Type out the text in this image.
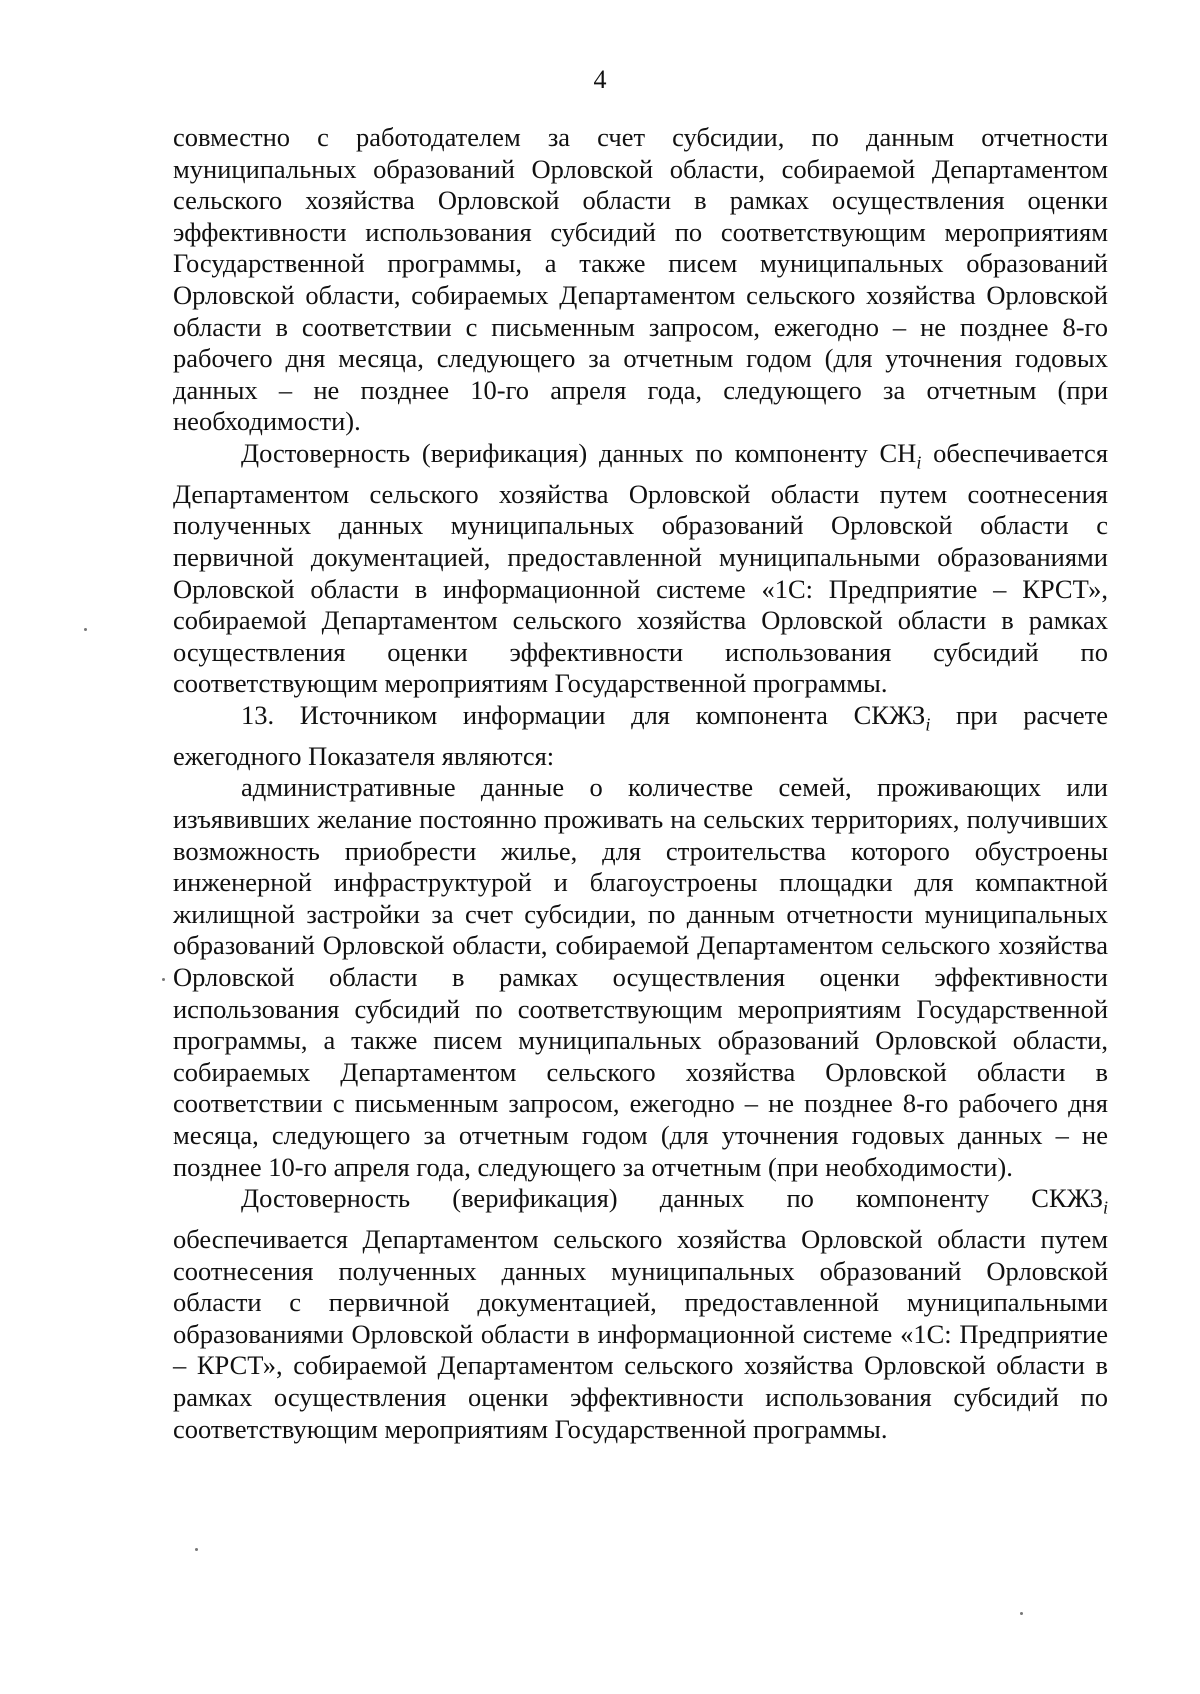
4

совместно с работодателем за счет субсидии, по данным отчетности муниципальных образований Орловской области, собираемой Департаментом сельского хозяйства Орловской области в рамках осуществления оценки эффективности использования субсидий по соответствующим мероприятиям Государственной программы, а также писем муниципальных образований Орловской области, собираемых Департаментом сельского хозяйства Орловской области в соответствии с письменным запросом, ежегодно – не позднее 8-го рабочего дня месяца, следующего за отчетным годом (для уточнения годовых данных – не позднее 10-го апреля года, следующего за отчетным (при необходимости).

Достоверность (верификация) данных по компоненту $СН_i$ обеспечивается Департаментом сельского хозяйства Орловской области путем соотнесения полученных данных муниципальных образований Орловской области с первичной документацией, предоставленной муниципальными образованиями Орловской области в информационной системе «1С: Предприятие – КРСТ», собираемой Департаментом сельского хозяйства Орловской области в рамках осуществления оценки эффективности использования субсидий по соответствующим мероприятиям Государственной программы.

13. Источником информации для компонента $СКЖЗ_i$ при расчете ежегодного Показателя являются:

административные данные о количестве семей, проживающих или изъявивших желание постоянно проживать на сельских территориях, получивших возможность приобрести жилье, для строительства которого обустроены инженерной инфраструктурой и благоустроены площадки для компактной жилищной застройки за счет субсидии, по данным отчетности муниципальных образований Орловской области, собираемой Департаментом сельского хозяйства Орловской области в рамках осуществления оценки эффективности использования субсидий по соответствующим мероприятиям Государственной программы, а также писем муниципальных образований Орловской области, собираемых Департаментом сельского хозяйства Орловской области в соответствии с письменным запросом, ежегодно – не позднее 8-го рабочего дня месяца, следующего за отчетным годом (для уточнения годовых данных – не позднее 10-го апреля года, следующего за отчетным (при необходимости).

Достоверность (верификация) данных по компоненту $СКЖЗ_i$ обеспечивается Департаментом сельского хозяйства Орловской области путем соотнесения полученных данных муниципальных образований Орловской области с первичной документацией, предоставленной муниципальными образованиями Орловской области в информационной системе «1С: Предприятие – КРСТ», собираемой Департаментом сельского хозяйства Орловской области в рамках осуществления оценки эффективности использования субсидий по соответствующим мероприятиям Государственной программы.
